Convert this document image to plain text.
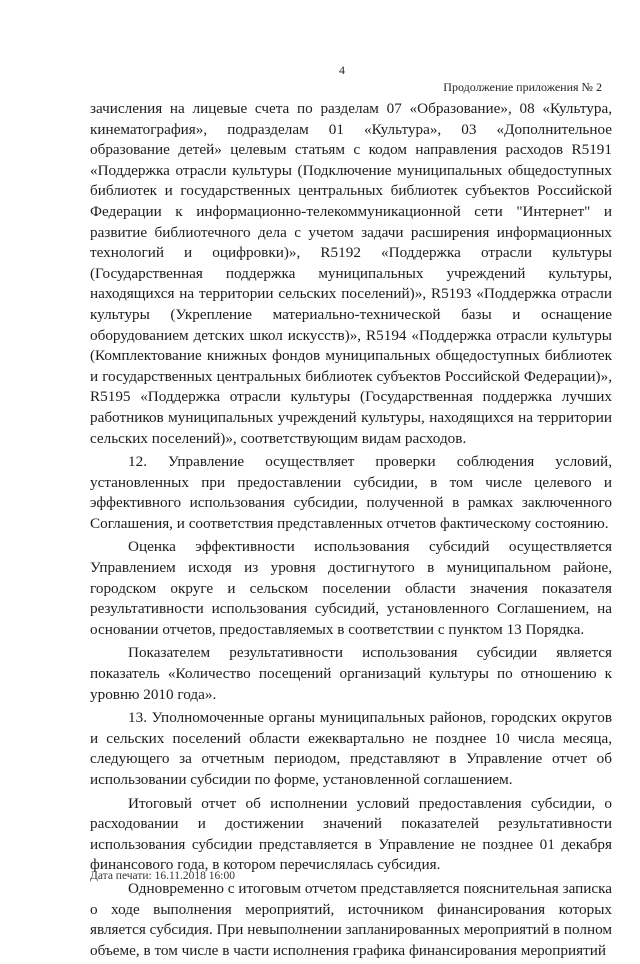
4
Продолжение приложения № 2

зачисления на лицевые счета по разделам 07 «Образование», 08 «Культура, кинематография», подразделам 01 «Культура», 03 «Дополнительное образование детей» целевым статьям с кодом направления расходов R5191 «Поддержка отрасли культуры (Подключение муниципальных общедоступных библиотек и государственных центральных библиотек субъектов Российской Федерации к информационно-телекоммуникационной сети "Интернет" и развитие библиотечного дела с учетом задачи расширения информационных технологий и оцифровки)», R5192 «Поддержка отрасли культуры (Государственная поддержка муниципальных учреждений культуры, находящихся на территории сельских поселений)», R5193 «Поддержка отрасли культуры (Укрепление материально-технической базы и оснащение оборудованием детских школ искусств)», R5194 «Поддержка отрасли культуры (Комплектование книжных фондов муниципальных общедоступных библиотек и государственных центральных библиотек субъектов Российской Федерации)», R5195 «Поддержка отрасли культуры (Государственная поддержка лучших работников муниципальных учреждений культуры, находящихся на территории сельских поселений)», соответствующим видам расходов.

12. Управление осуществляет проверки соблюдения условий, установленных при предоставлении субсидии, в том числе целевого и эффективного использования субсидии, полученной в рамках заключенного Соглашения, и соответствия представленных отчетов фактическому состоянию.

Оценка эффективности использования субсидий осуществляется Управлением исходя из уровня достигнутого в муниципальном районе, городском округе и сельском поселении области значения показателя результативности использования субсидий, установленного Соглашением, на основании отчетов, предоставляемых в соответствии с пунктом 13 Порядка.

Показателем результативности использования субсидии является показатель «Количество посещений организаций культуры по отношению к уровню 2010 года».

13. Уполномоченные органы муниципальных районов, городских округов и сельских поселений области ежеквартально не позднее 10 числа месяца, следующего за отчетным периодом, представляют в Управление отчет об использовании субсидии по форме, установленной соглашением.

Итоговый отчет об исполнении условий предоставления субсидии, о расходовании и достижении значений показателей результативности использования субсидии представляется в Управление не позднее 01 декабря финансового года, в котором перечислялась субсидия.

Одновременно с итоговым отчетом представляется пояснительная записка о ходе выполнения мероприятий, источником финансирования которых является субсидия. При невыполнении запланированных мероприятий в полном объеме, в том числе в части исполнения графика финансирования мероприятий

Дата печати: 16.11.2018 16:00
